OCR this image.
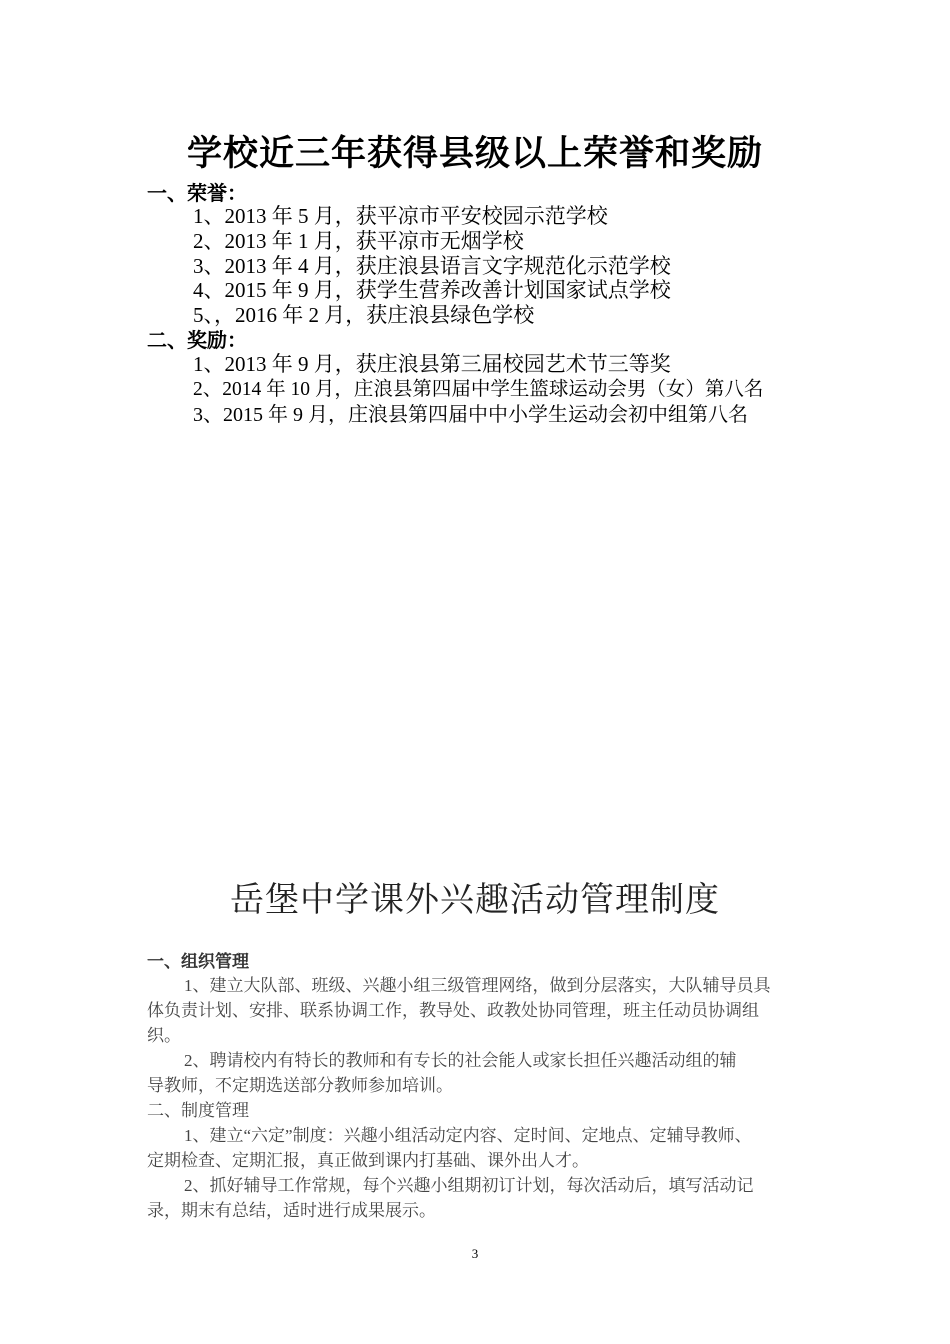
学校近三年获得县级以上荣誉和奖励
一、荣誉：
1、2013 年 5 月，获平凉市平安校园示范学校
2、2013 年 1 月，获平凉市无烟学校
3、2013 年 4 月，获庄浪县语言文字规范化示范学校
4、2015 年 9 月，获学生营养改善计划国家试点学校
5、，2016 年 2 月，获庄浪县绿色学校
二、奖励：
1、2013 年 9 月，获庄浪县第三届校园艺术节三等奖
2、2014 年 10 月，庄浪县第四届中学生篮球运动会男（女）第八名
3、2015 年 9 月，庄浪县第四届中中小学生运动会初中组第八名
岳堡中学课外兴趣活动管理制度
一、组织管理
1、建立大队部、班级、兴趣小组三级管理网络，做到分层落实，大队辅导员具
体负责计划、安排、联系协调工作，教导处、政教处协同管理，班主任动员协调组
织。
2、聘请校内有特长的教师和有专长的社会能人或家长担任兴趣活动组的辅
导教师，不定期选送部分教师参加培训。
二、制度管理
1、建立“六定”制度：兴趣小组活动定内容、定时间、定地点、定辅导教师、
定期检查、定期汇报，真正做到课内打基础、课外出人才。
2、抓好辅导工作常规，每个兴趣小组期初订计划，每次活动后，填写活动记
录，期末有总结，适时进行成果展示。
3
